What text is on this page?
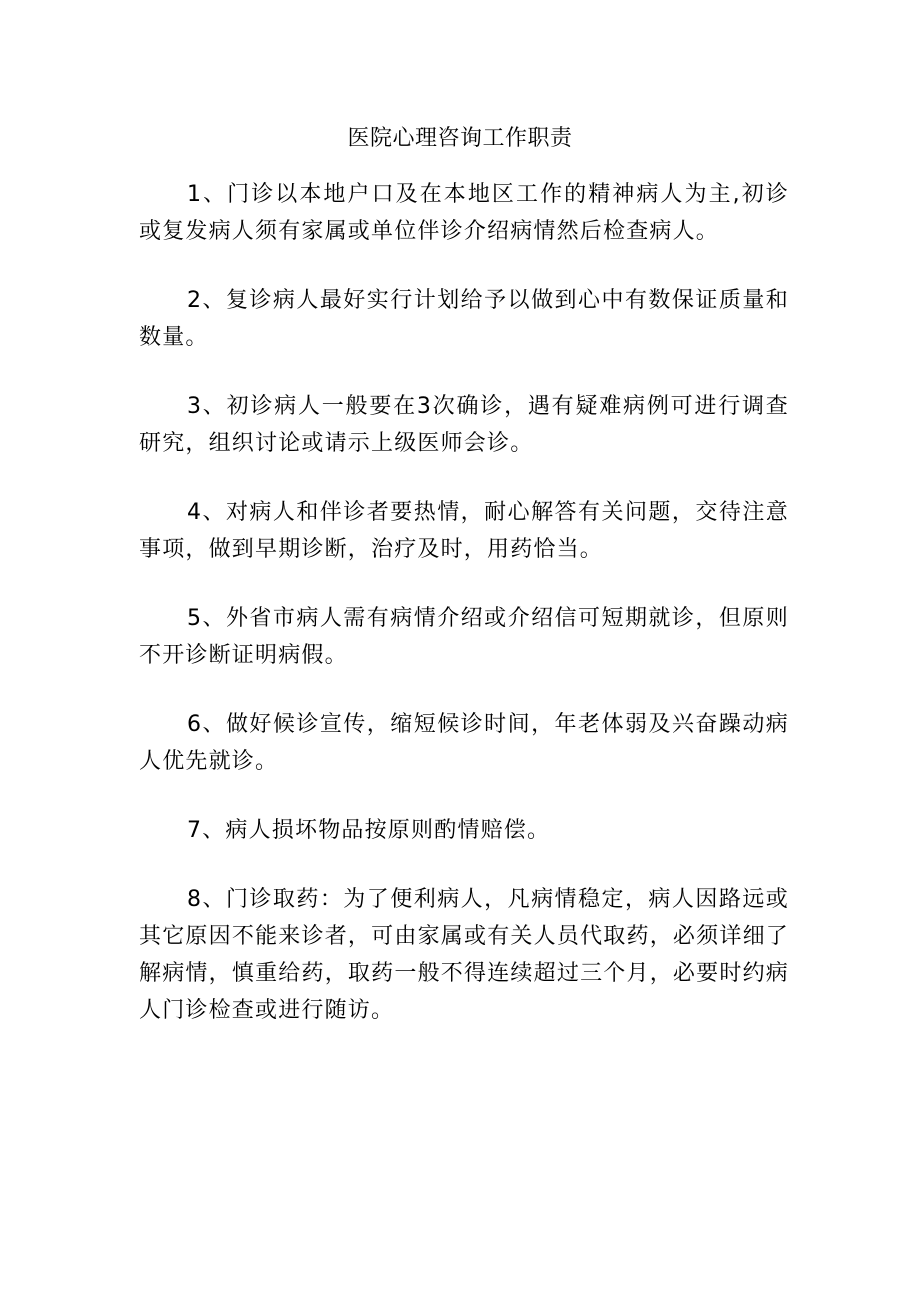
医院心理咨询工作职责

1、门诊以本地户口及在本地区工作的精神病人为主,初诊或复发病人须有家属或单位伴诊介绍病情然后检查病人。

2、复诊病人最好实行计划给予以做到心中有数保证质量和数量。

3、初诊病人一般要在3次确诊，遇有疑难病例可进行调查研究，组织讨论或请示上级医师会诊。

4、对病人和伴诊者要热情，耐心解答有关问题，交待注意事项，做到早期诊断，治疗及时，用药恰当。

5、外省市病人需有病情介绍或介绍信可短期就诊，但原则不开诊断证明病假。

6、做好候诊宣传，缩短候诊时间，年老体弱及兴奋躁动病人优先就诊。

7、病人损坏物品按原则酌情赔偿。

8、门诊取药：为了便利病人，凡病情稳定，病人因路远或其它原因不能来诊者，可由家属或有关人员代取药，必须详细了解病情，慎重给药，取药一般不得连续超过三个月，必要时约病人门诊检查或进行随访。
